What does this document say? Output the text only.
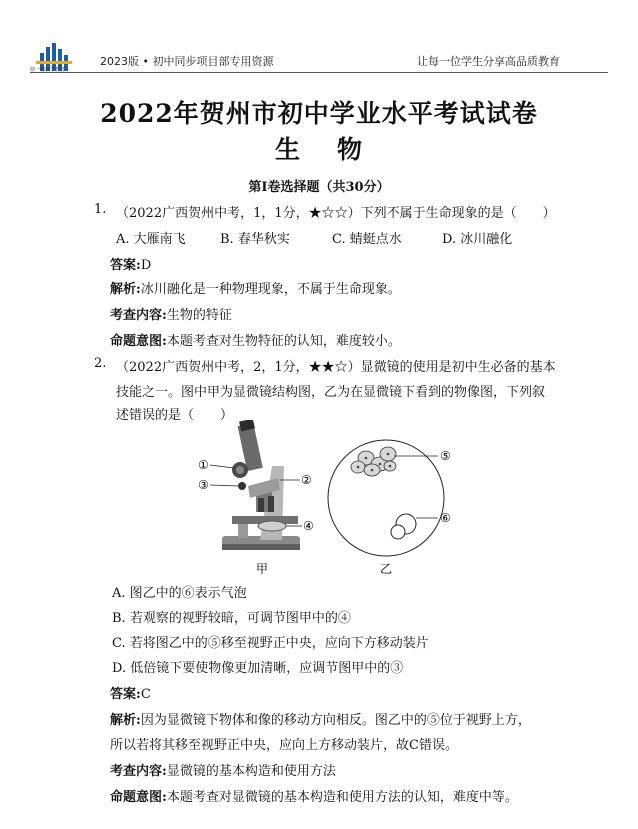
鼎一精科学教育
2023版 • 初中同步项目部专用资源	让每一位学生分享高品质教育
2022年贺州市初中学业水平考试试卷
生 物
第Ⅰ卷选择题（共30分）
1. （2022广西贺州中考，1，1分，★☆☆）下列不属于生命现象的是（　　）
A. 大雁南飞	B. 春华秋实	C. 蜻蜓点水	D. 冰川融化
答案:D
解析:冰川融化是一种物理现象，不属于生命现象。
考查内容:生物的特征
命题意图:本题考查对生物特征的认知，难度较小。
2. （2022广西贺州中考，2，1分，★★☆）显微镜的使用是初中生必备的基本
技能之一。图中甲为显微镜结构图，乙为在显微镜下看到的物像图，下列叙
述错误的是（　　）
①
③	②
④
甲
⑤
⑥
乙
A. 图乙中的⑥表示气泡
B. 若观察的视野较暗，可调节图甲中的④
C. 若将图乙中的⑤移至视野正中央，应向下方移动装片
D. 低倍镜下要使物像更加清晰，应调节图甲中的③
答案:C
解析:因为显微镜下物体和像的移动方向相反。图乙中的⑤位于视野上方，
所以若将其移至视野正中央，应向上方移动装片，故C错误。
考查内容:显微镜的基本构造和使用方法
命题意图:本题考查对显微镜的基本构造和使用方法的认知，难度中等。
